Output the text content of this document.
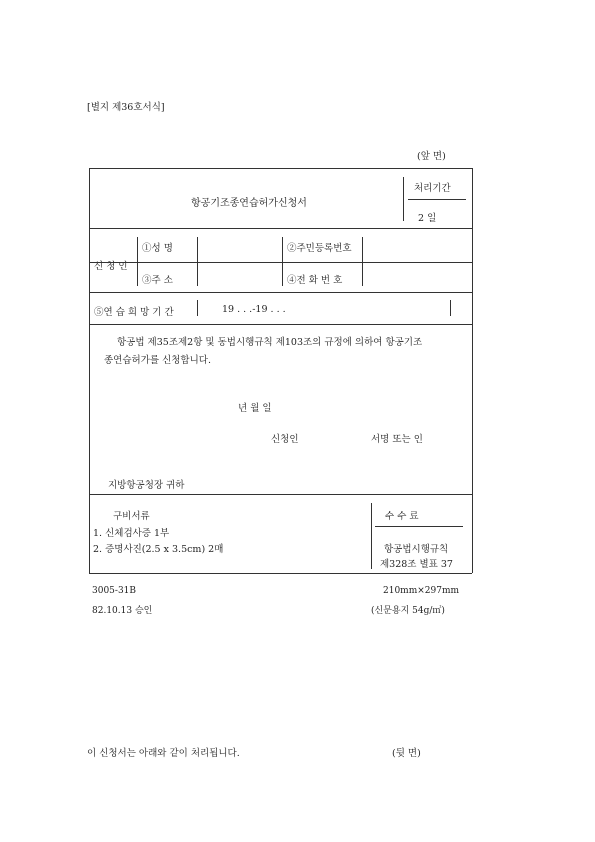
[별지 제36호서식]
(앞 면)
항공기조종연습허가신청서
처리기간
2 일
신 청 인
①성 명	②주민등록번호
③주 소	④전 화 번 호
⑤연 습 희 망 기 간	19 . . .-19 . . .
항공법 제35조제2항 및 동법시행규칙 제103조의 규정에 의하여 항공기조
종연습허가를 신청합니다.
년 월 일
신청인	서명 또는 인
지방항공청장 귀하
구비서류
1. 신체검사증 1부
2. 증명사진(2.5 x 3.5cm) 2매
수 수 료
항공법시행규칙
제328조 별표 37
3005-31B
82.10.13 승인
210mm×297mm
(신문용지 54g/㎡)
이 신청서는 아래와 같이 처리됩니다.	(뒷 면)
